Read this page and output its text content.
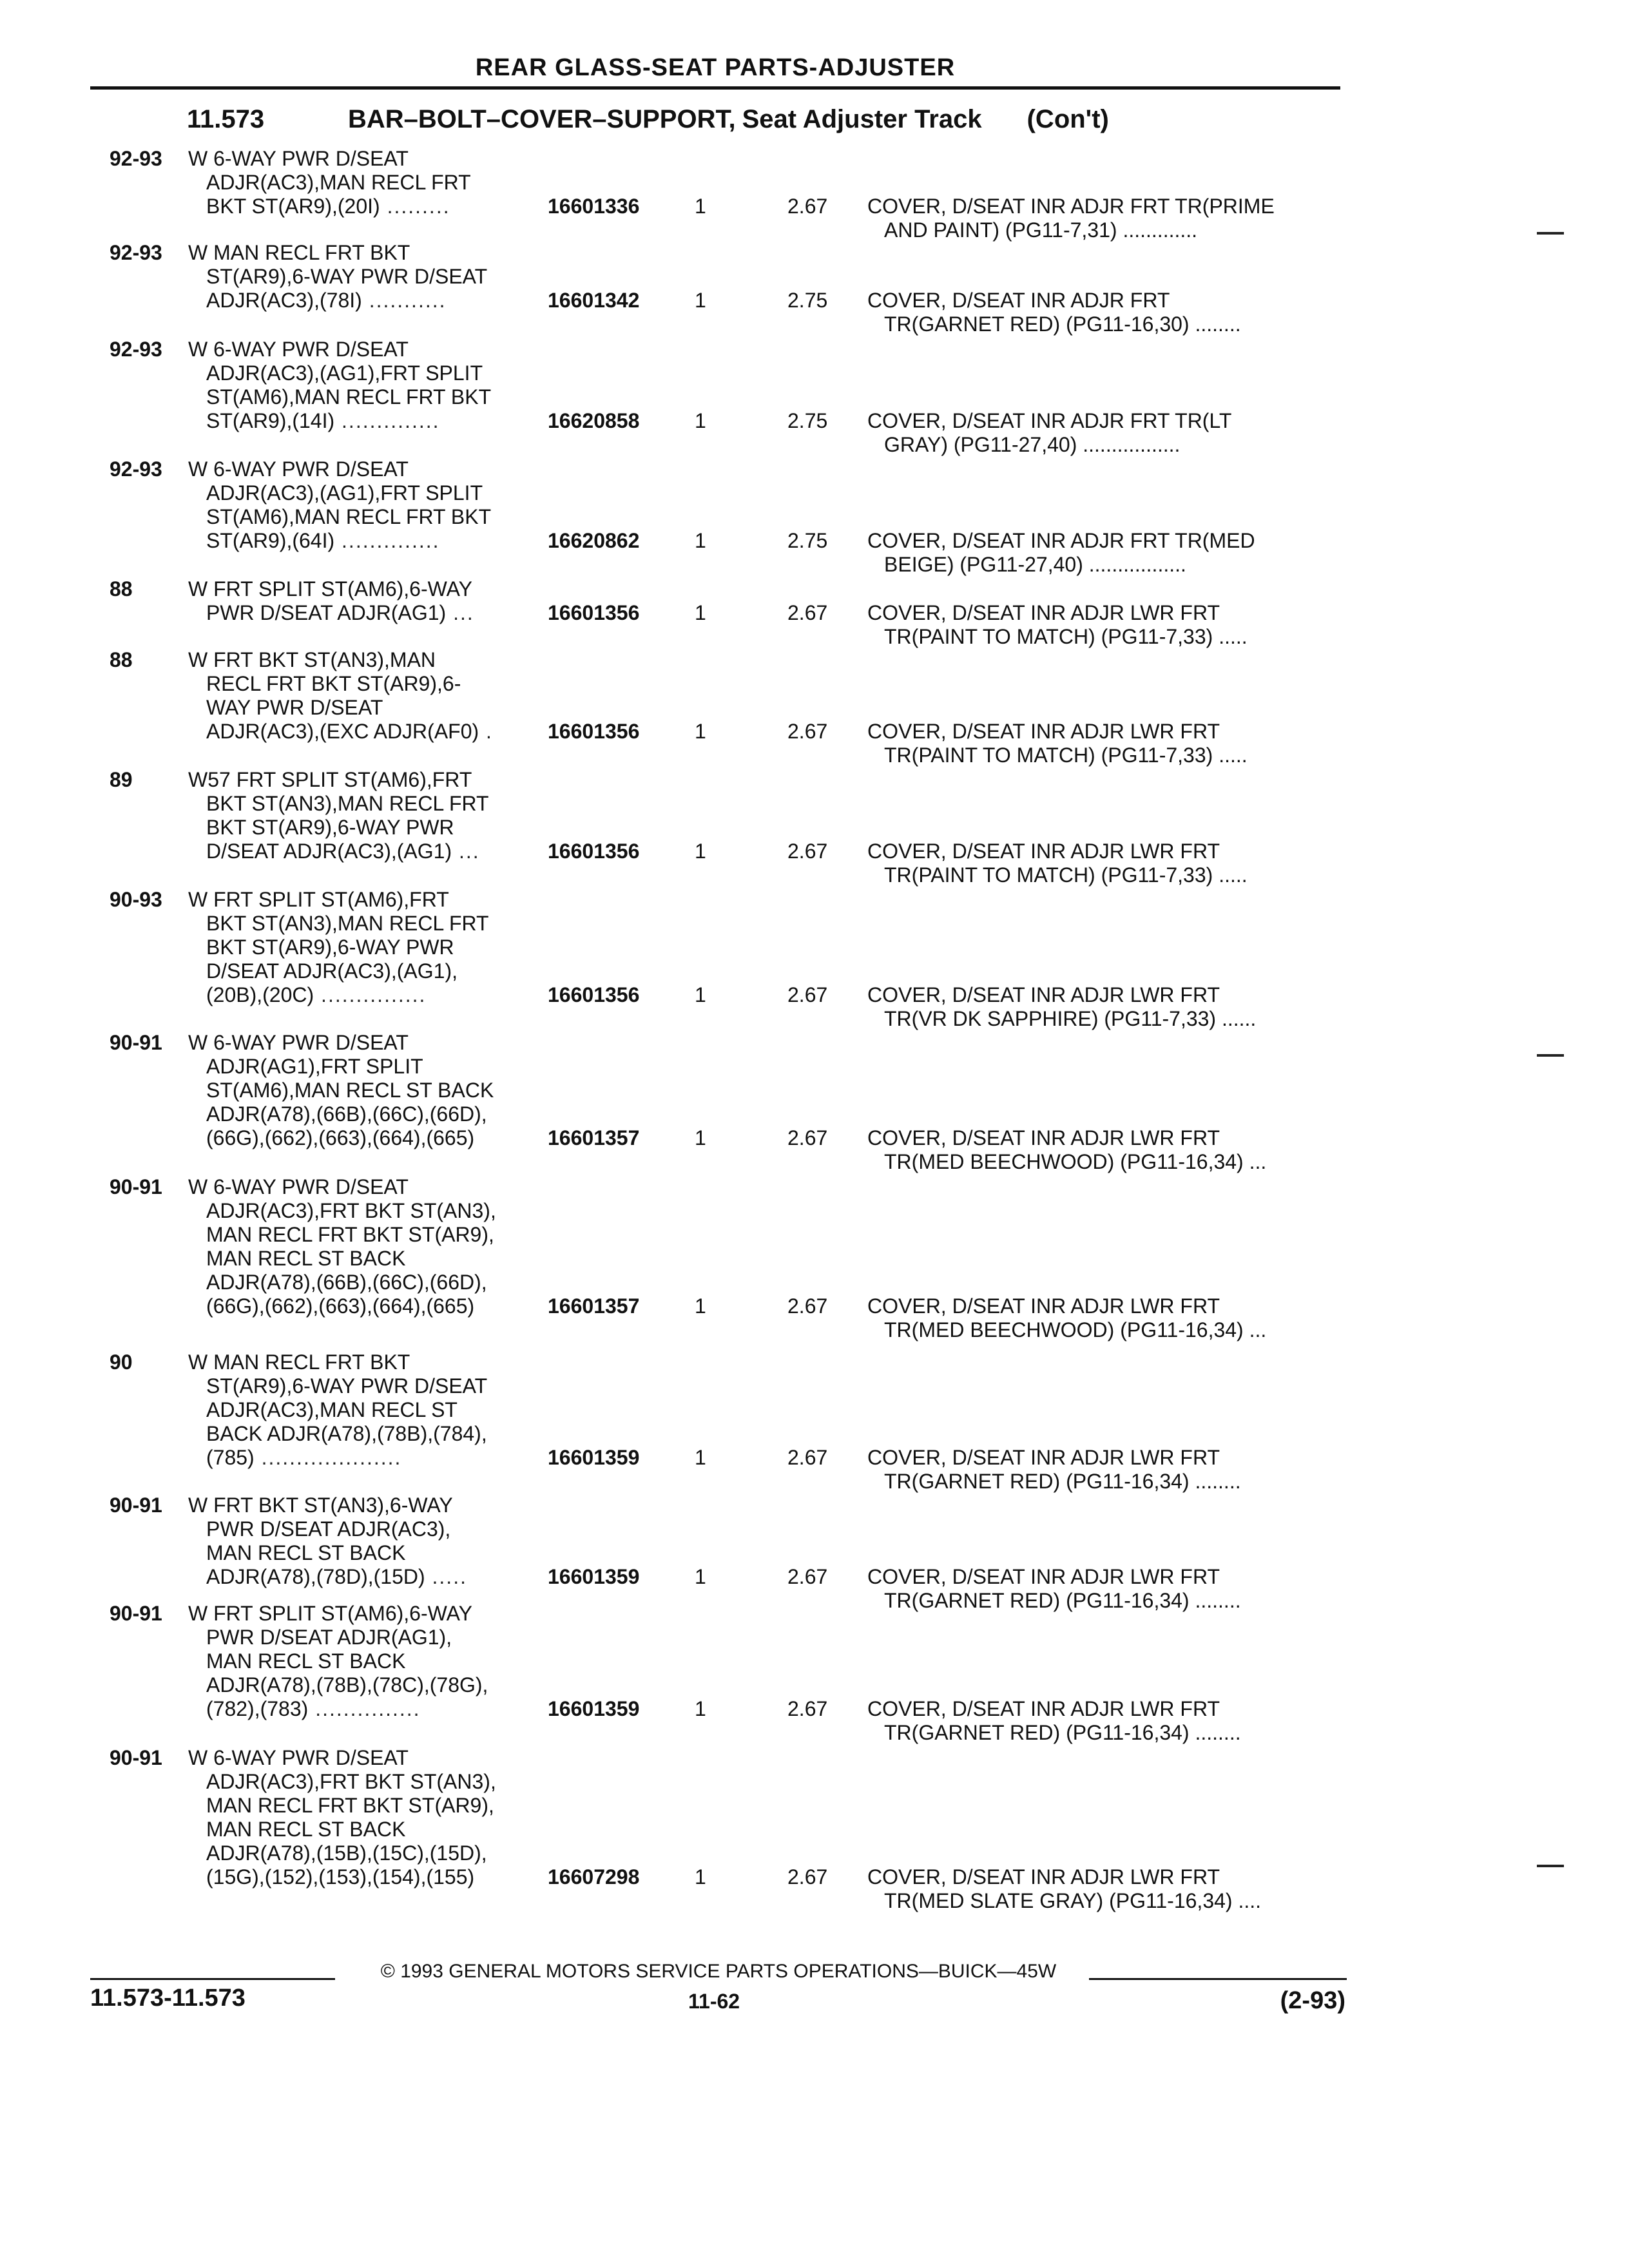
REAR GLASS-SEAT PARTS-ADJUSTER
11.573	BAR–BOLT–COVER–SUPPORT, Seat Adjuster Track (Con't)
92-93 W 6-WAY PWR D/SEAT
ADJR(AC3),MAN RECL FRT
BKT ST(AR9),(20I) .........	16601336	1	2.67 COVER, D/SEAT INR ADJR FRT TR(PRIME
AND PAINT) (PG11-7,31) .............
92-93 W MAN RECL FRT BKT
ST(AR9),6-WAY PWR D/SEAT
ADJR(AC3),(78I) ...........	16601342	1	2.75 COVER, D/SEAT INR ADJR FRT
TR(GARNET RED) (PG11-16,30) ........
92-93 W 6-WAY PWR D/SEAT
ADJR(AC3),(AG1),FRT SPLIT
ST(AM6),MAN RECL FRT BKT
ST(AR9),(14I) ..............	16620858	1	2.75 COVER, D/SEAT INR ADJR FRT TR(LT
GRAY) (PG11-27,40) .................
92-93 W 6-WAY PWR D/SEAT
ADJR(AC3),(AG1),FRT SPLIT
ST(AM6),MAN RECL FRT BKT
ST(AR9),(64I) ..............	16620862	1	2.75 COVER, D/SEAT INR ADJR FRT TR(MED
BEIGE) (PG11-27,40) .................
88	W FRT SPLIT ST(AM6),6-WAY
PWR D/SEAT ADJR(AG1) ...	16601356	1	2.67 COVER, D/SEAT INR ADJR LWR FRT
TR(PAINT TO MATCH) (PG11-7,33) .....
88	W FRT BKT ST(AN3),MAN
RECL FRT BKT ST(AR9),6-
WAY PWR D/SEAT
ADJR(AC3),(EXC ADJR(AF0) .	16601356	1	2.67 COVER, D/SEAT INR ADJR LWR FRT
TR(PAINT TO MATCH) (PG11-7,33) .....
89	W57 FRT SPLIT ST(AM6),FRT
BKT ST(AN3),MAN RECL FRT
BKT ST(AR9),6-WAY PWR
D/SEAT ADJR(AC3),(AG1) ...	16601356	1	2.67 COVER, D/SEAT INR ADJR LWR FRT
TR(PAINT TO MATCH) (PG11-7,33) .....
90-93 W FRT SPLIT ST(AM6),FRT
BKT ST(AN3),MAN RECL FRT
BKT ST(AR9),6-WAY PWR
D/SEAT ADJR(AC3),(AG1),
(20B),(20C) ...............	16601356	1	2.67 COVER, D/SEAT INR ADJR LWR FRT
TR(VR DK SAPPHIRE) (PG11-7,33) ......
90-91 W 6-WAY PWR D/SEAT
ADJR(AG1),FRT SPLIT
ST(AM6),MAN RECL ST BACK
ADJR(A78),(66B),(66C),(66D),
(66G),(662),(663),(664),(665)	16601357	1	2.67 COVER, D/SEAT INR ADJR LWR FRT
TR(MED BEECHWOOD) (PG11-16,34) ...
90-91 W 6-WAY PWR D/SEAT
ADJR(AC3),FRT BKT ST(AN3),
MAN RECL FRT BKT ST(AR9),
MAN RECL ST BACK
ADJR(A78),(66B),(66C),(66D),
(66G),(662),(663),(664),(665)	16601357	1	2.67 COVER, D/SEAT INR ADJR LWR FRT
TR(MED BEECHWOOD) (PG11-16,34) ...
90	W MAN RECL FRT BKT
ST(AR9),6-WAY PWR D/SEAT
ADJR(AC3),MAN RECL ST
BACK ADJR(A78),(78B),(784),
(785) ....................	16601359	1	2.67 COVER, D/SEAT INR ADJR LWR FRT
TR(GARNET RED) (PG11-16,34) ........
90-91 W FRT BKT ST(AN3),6-WAY
PWR D/SEAT ADJR(AC3),
MAN RECL ST BACK
ADJR(A78),(78D),(15D) .....	16601359	1	2.67 COVER, D/SEAT INR ADJR LWR FRT
TR(GARNET RED) (PG11-16,34) ........
90-91 W FRT SPLIT ST(AM6),6-WAY
PWR D/SEAT ADJR(AG1),
MAN RECL ST BACK
ADJR(A78),(78B),(78C),(78G),
(782),(783) ...............	16601359	1	2.67 COVER, D/SEAT INR ADJR LWR FRT
TR(GARNET RED) (PG11-16,34) ........
90-91 W 6-WAY PWR D/SEAT
ADJR(AC3),FRT BKT ST(AN3),
MAN RECL FRT BKT ST(AR9),
MAN RECL ST BACK
ADJR(A78),(15B),(15C),(15D),
(15G),(152),(153),(154),(155)	16607298	1	2.67 COVER, D/SEAT INR ADJR LWR FRT
TR(MED SLATE GRAY) (PG11-16,34) ....
© 1993 GENERAL MOTORS SERVICE PARTS OPERATIONS—BUICK—45W
11.573-11.573	11-62	(2-93)
